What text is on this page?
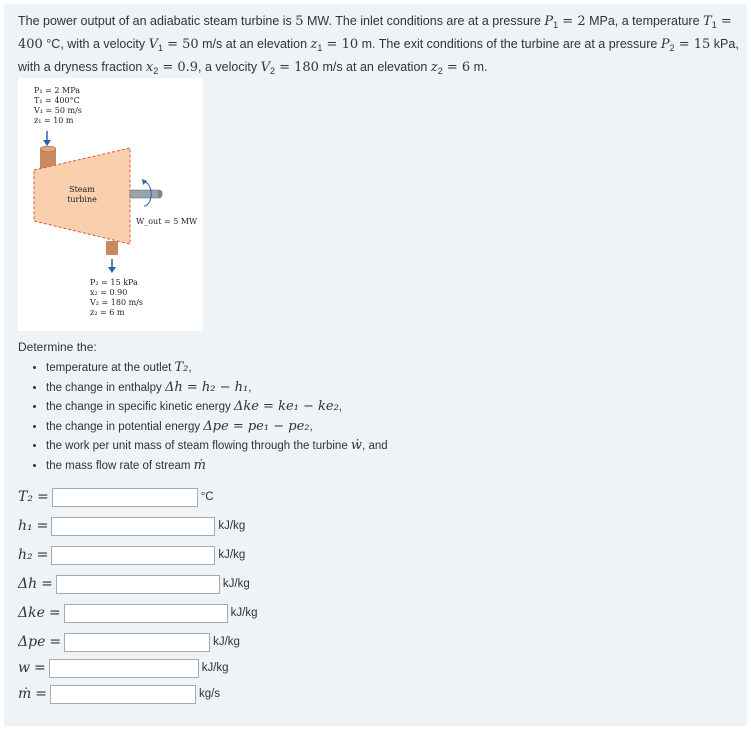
The power output of an adiabatic steam turbine is 5 MW. The inlet conditions are at a pressure $P_1 = 2$ MPa, a temperature $T_1 = 400$ °C, with a velocity $V_1 = 50$ m/s at an elevation $z_1 = 10$ m. The exit conditions of the turbine are at a pressure $P_2 = 15$ kPa, with a dryness fraction $x_2 = 0.9$, a velocity $V_2 = 180$ m/s at an elevation $z_2 = 6$ m.
P₁ = 2 MPa
T₁ = 400°C
V₁ = 50 m/s
z₁ = 10 m
Steam
turbine
W_out = 5 MW
P₂ = 15 kPa
x₂ = 0.90
V₂ = 180 m/s
z₂ = 6 m
Determine the:
• temperature at the outlet T₂,
• the change in enthalpy Δh = h₂ − h₁,
• the change in specific kinetic energy Δke = ke₁ − ke₂,
• the change in potential energy Δpe = pe₁ − pe₂,
• the work per unit mass of steam flowing through the turbine ẇ, and
• the mass flow rate of stream ṁ
T₂ =	°C
h₁ =	kJ/kg
h₂ =	kJ/kg
Δh =	kJ/kg
Δke =	kJ/kg
Δpe =	kJ/kg
w =	kJ/kg
ṁ =	kg/s
